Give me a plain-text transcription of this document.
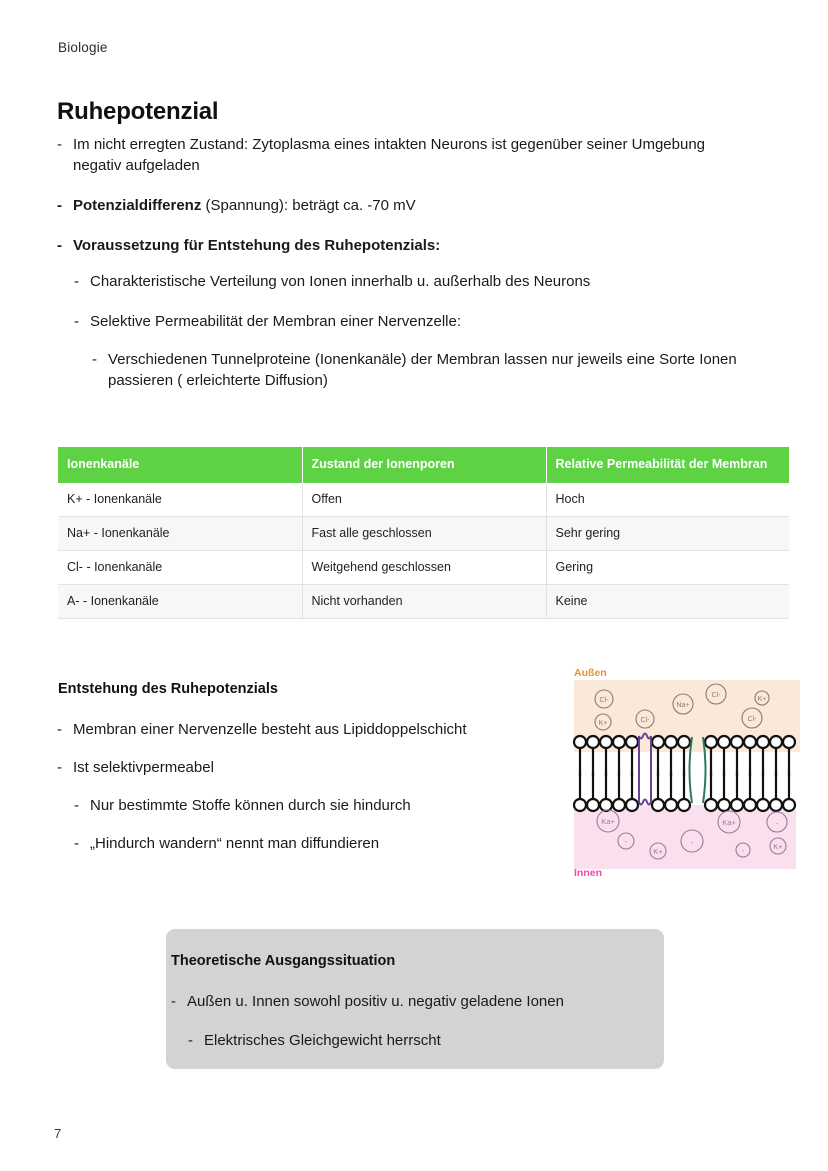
Biologie
Ruhepotenzial
- Im nicht erregten Zustand: Zytoplasma eines intakten Neurons ist gegenüber seiner Umgebung negativ aufgeladen
- Potenzialdifferenz (Spannung): beträgt ca. -70 mV
- Voraussetzung für Entstehung des Ruhepotenzials:
- Charakteristische Verteilung von Ionen innerhalb u. außerhalb des Neurons
- Selektive Permeabilität der Membran einer Nervenzelle:
- Verschiedenen Tunnelproteine (Ionenkanäle) der Membran lassen nur jeweils eine Sorte Ionen passieren ( erleichterte Diffusion)
Ionenkanäle	Zustand der Ionenporen	Relative Permeabilität der Membran
K+ - Ionenkanäle	Offen	Hoch
Na+ - Ionenkanäle	Fast alle geschlossen	Sehr gering
Cl- - Ionenkanäle	Weitgehend geschlossen	Gering
A- - Ionenkanäle	Nicht vorhanden	Keine
Entstehung des Ruhepotenzials
- Membran einer Nervenzelle besteht aus Lipiddoppelschicht
- Ist selektivpermeabel
- Nur bestimmte Stoffe können durch sie hindurch
- „Hindurch wandern“ nennt man diffundieren
Cl-
K+	Cl-
Na+
Cl-
K+
Cl-
Ka+
-
K+
-
Ka+
-
-
K+
Außen
Innen
Theoretische Ausgangssituation
- Außen u. Innen sowohl positiv u. negativ geladene Ionen
- Elektrisches Gleichgewicht herrscht
7
